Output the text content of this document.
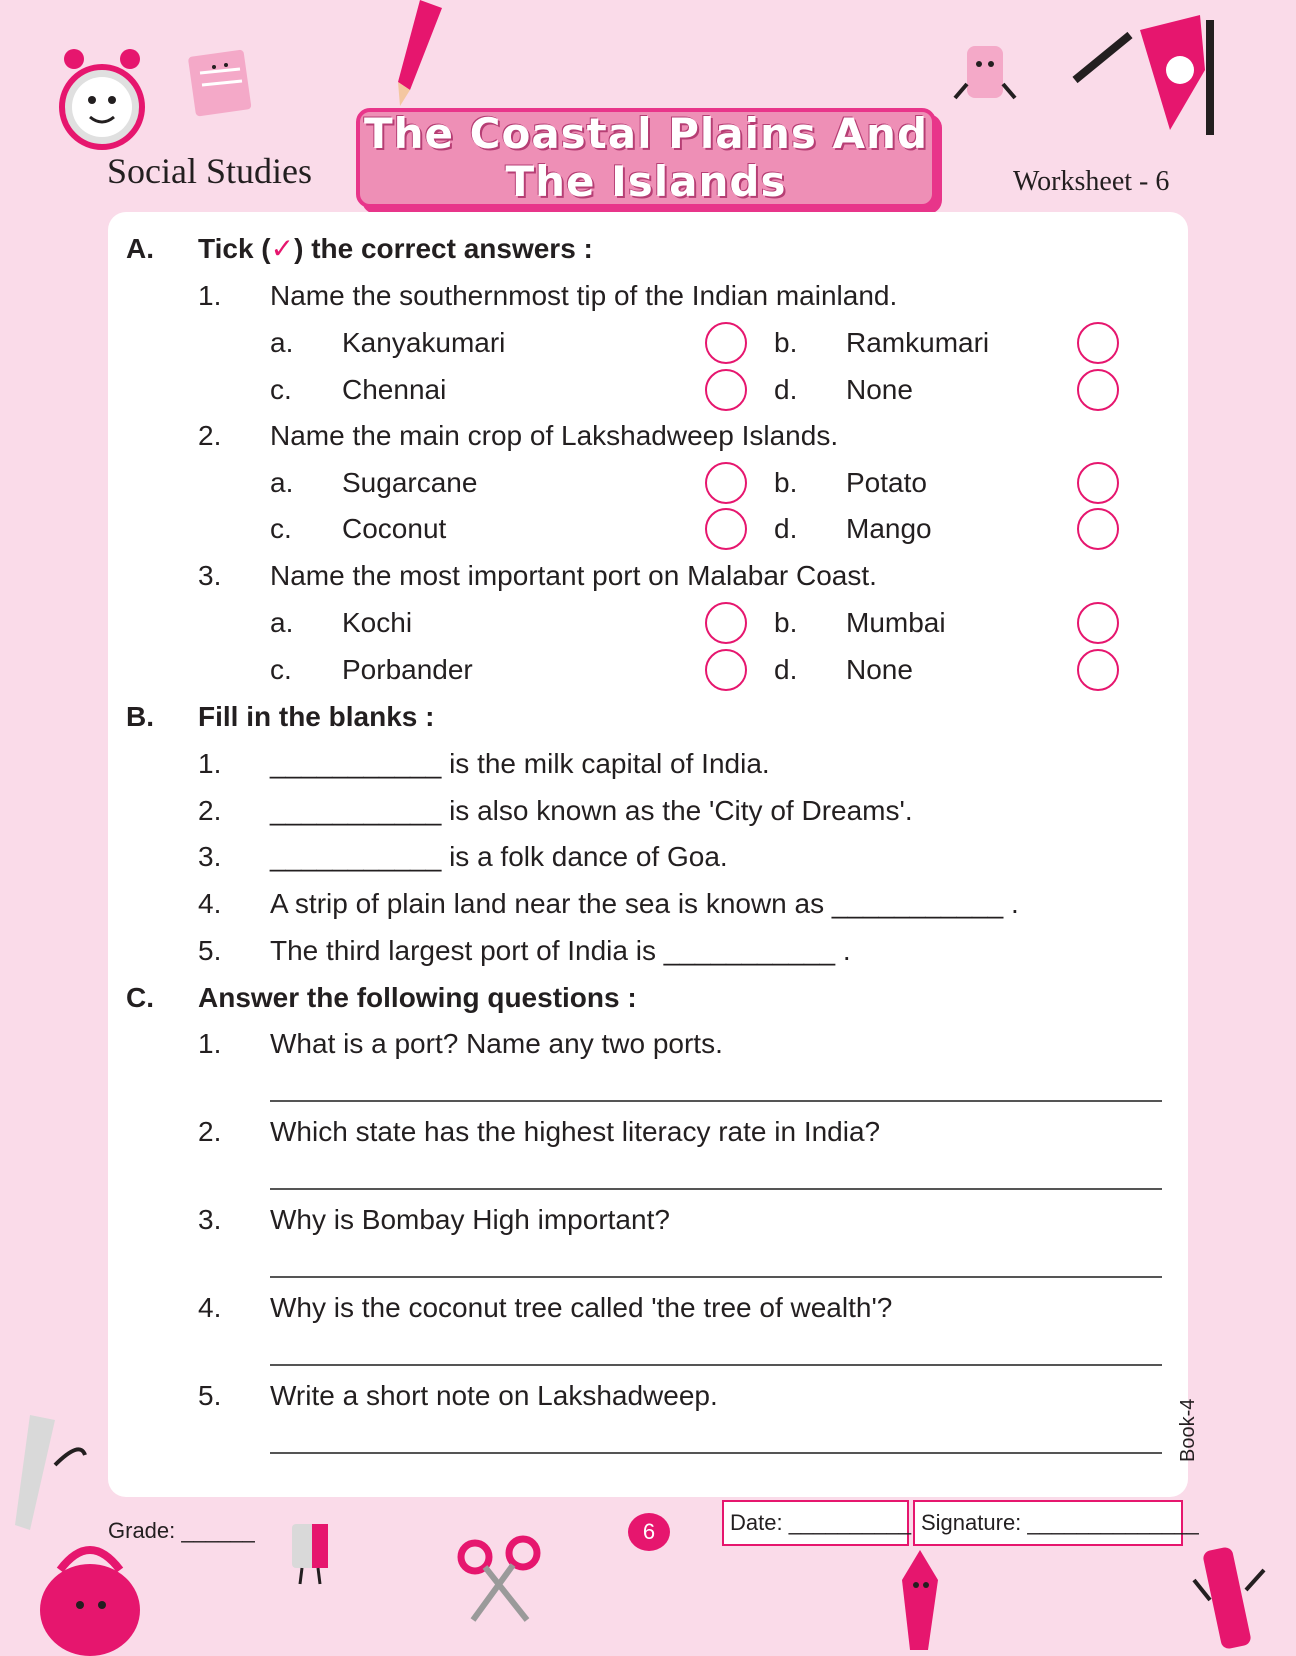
Social Studies
The Coastal Plains And
The Islands	Worksheet - 6
A. Tick (✓) the correct answers :
1. Name the southernmost tip of the Indian mainland.
a. Kanyakumari	b. Ramkumari
c. Chennai	d. None
2. Name the main crop of Lakshadweep Islands.
a. Sugarcane	b. Potato
c. Coconut	d. Mango
3. Name the most important port on Malabar Coast.
a. Kochi	b. Mumbai
c. Porbander	d. None
B. Fill in the blanks :
1. ___________ is the milk capital of India.
2. ___________ is also known as the 'City of Dreams'.
3. ___________ is a folk dance of Goa.
4. A strip of plain land near the sea is known as ___________ .
5. The third largest port of India is ___________ .
C. Answer the following questions :
1. What is a port? Name any two ports.
2. Which state has the highest literacy rate in India?
3. Why is Bombay High important?
4. Why is the coconut tree called 'the tree of wealth'?
5. Write a short note on Lakshadweep.
Book-4
Grade: ______	6	Date: __________ Signature: ______________
